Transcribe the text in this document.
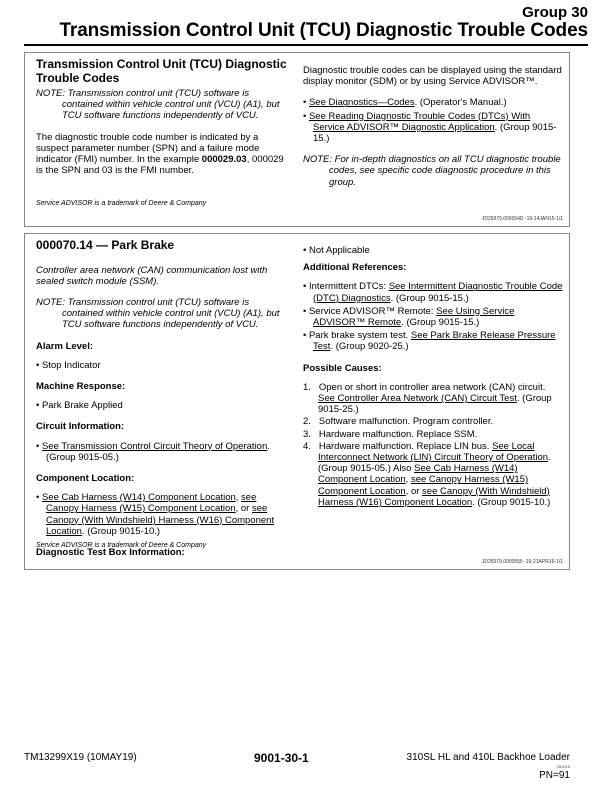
Group 30
Transmission Control Unit (TCU) Diagnostic Trouble Codes
Transmission Control Unit (TCU) Diagnostic Trouble Codes
NOTE: Transmission control unit (TCU) software is contained within vehicle control unit (VCU) (A1), but TCU software functions independently of VCU.
The diagnostic trouble code number is indicated by a suspect parameter number (SPN) and a failure mode indicator (FMI) number. In the example 000029.03, 000029 is the SPN and 03 is the FMI number.
Service ADVISOR is a trademark of Deere & Company
Diagnostic trouble codes can be displayed using the standard display monitor (SDM) or by using Service ADVISOR™.
• See Diagnostics—Codes. (Operator's Manual.)
• See Reading Diagnostic Trouble Codes (DTCs) With Service ADVISOR™ Diagnostic Application. (Group 9015-15.)
NOTE: For in-depth diagnostics on all TCU diagnostic trouble codes, see specific code diagnostic procedure in this group.
JD29379,000054D -19-14JAN15-1/1
000070.14 — Park Brake
Controller area network (CAN) communication lost with sealed switch module (SSM).
NOTE: Transmission control unit (TCU) software is contained within vehicle control unit (VCU) (A1), but TCU software functions independently of VCU.
Alarm Level:
• Stop Indicator
Machine Response:
• Park Brake Applied
Circuit Information:
• See Transmission Control Circuit Theory of Operation. (Group 9015-05.)
Component Location:
• See Cab Harness (W14) Component Location, see Canopy Harness (W15) Component Location, or see Canopy (With Windshield) Harness (W16) Component Location. (Group 9015-10.)
Diagnostic Test Box Information:
Service ADVISOR is a trademark of Deere & Company
• Not Applicable
Additional References:
• Intermittent DTCs: See Intermittent Diagnostic Trouble Code (DTC) Diagnostics. (Group 9015-15.)
• Service ADVISOR™ Remote: See Using Service ADVISOR™ Remote. (Group 9015-15.)
• Park brake system test. See Park Brake Release Pressure Test. (Group 9020-25.)
Possible Causes:
1. Open or short in controller area network (CAN) circuit. See Controller Area Network (CAN) Circuit Test. (Group 9015-25.)
2. Software malfunction. Program controller.
3. Hardware malfunction. Replace SSM.
4. Hardware malfunction. Replace LIN bus. See Local Interconnect Network (LIN) Circuit Theory of Operation. (Group 9015-05.) Also See Cab Harness (W14) Component Location, see Canopy Harness (W15) Component Location, or see Canopy (With Windshield) Harness (W16) Component Location. (Group 9015-10.)
JD29379,0000555 -19-21APR16-1/1
TM13299X19 (10MAY19)	9001-30-1	310SL HL and 410L Backhoe Loader
051019
PN=91
